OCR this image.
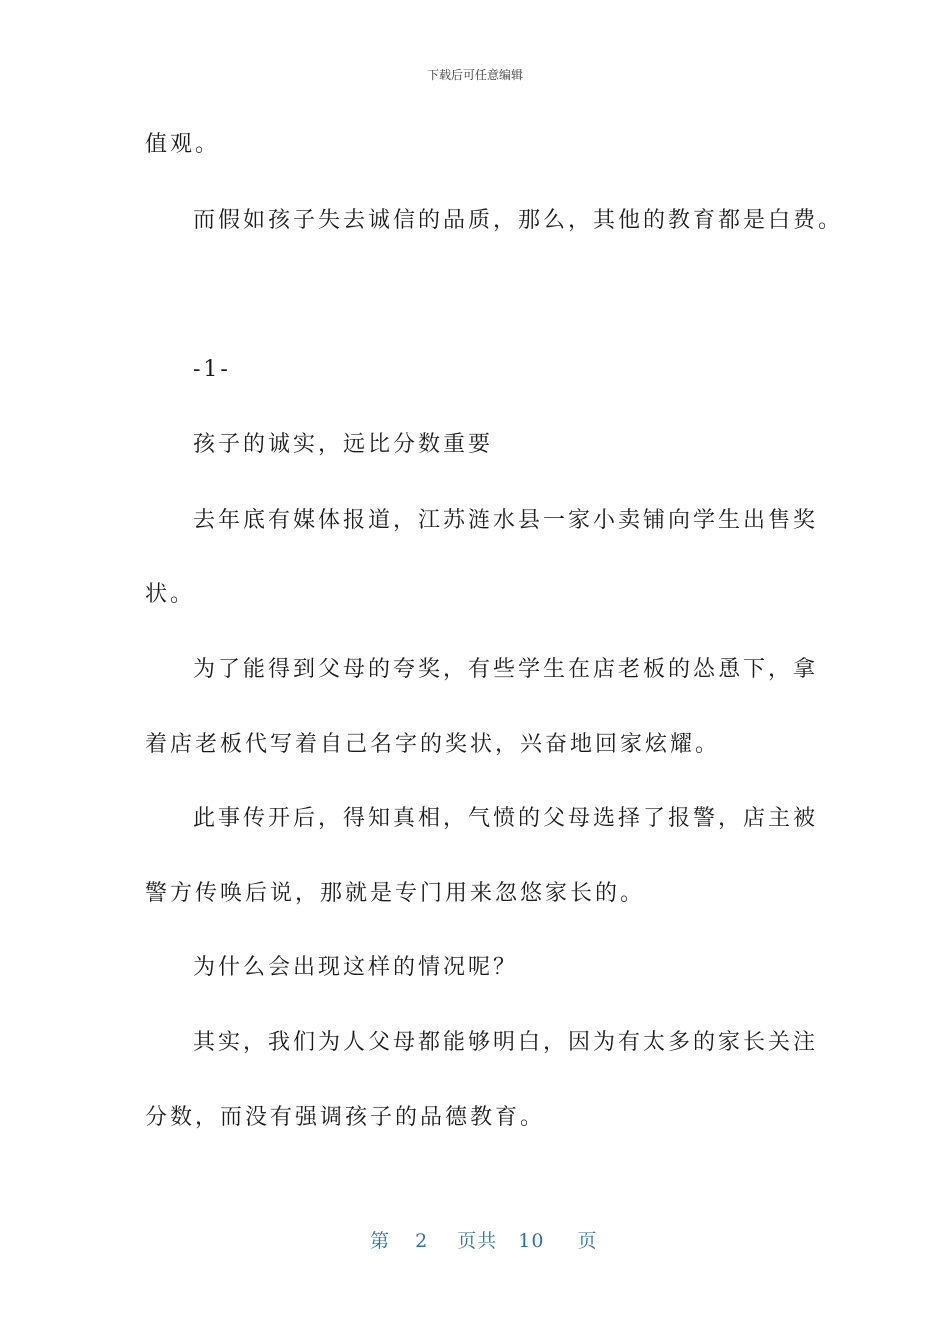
下载后可任意编辑
值观。
而假如孩子失去诚信的品质，那么，其他的教育都是白费。
-1-
孩子的诚实，远比分数重要
去年底有媒体报道，江苏涟水县一家小卖铺向学生出售奖
状。
为了能得到父母的夸奖，有些学生在店老板的怂恿下，拿
着店老板代写着自己名字的奖状，兴奋地回家炫耀。
此事传开后，得知真相，气愤的父母选择了报警，店主被
警方传唤后说，那就是专门用来忽悠家长的。
为什么会出现这样的情况呢？
其实，我们为人父母都能够明白，因为有太多的家长关注
分数，而没有强调孩子的品德教育。
第 2 页共 10 页
